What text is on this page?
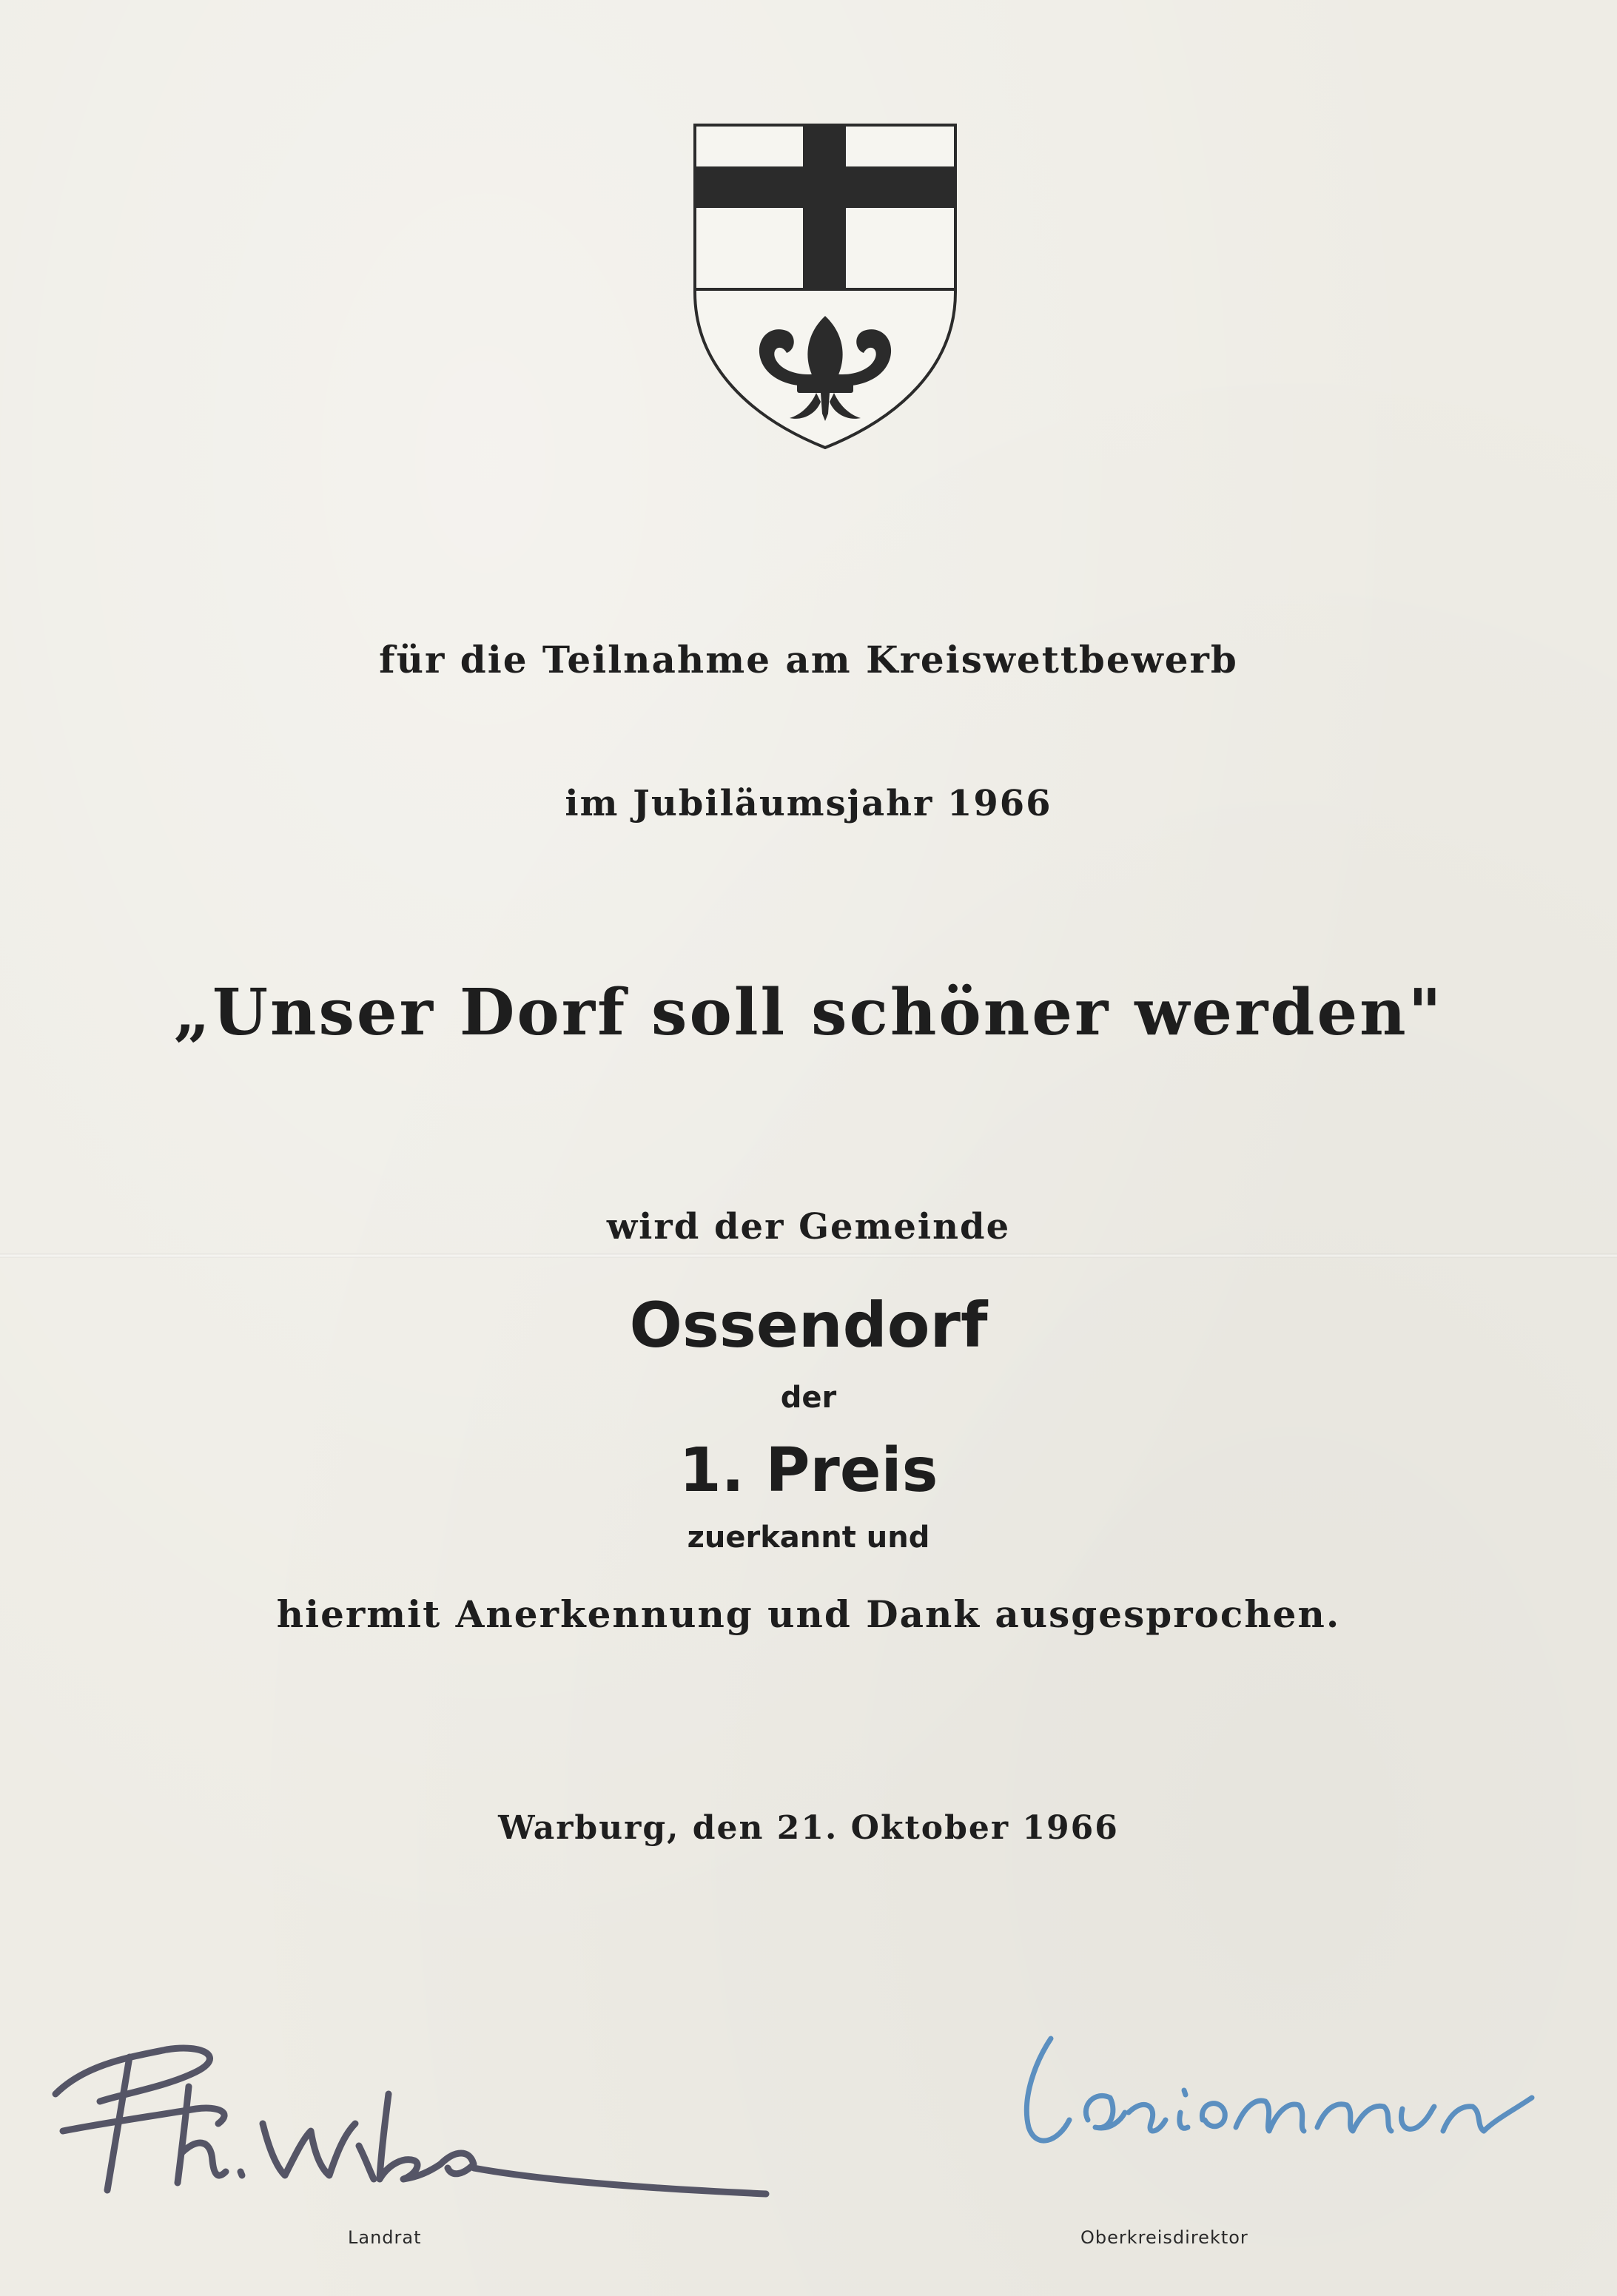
für die Teilnahme am Kreiswettbewerb
im Jubiläumsjahr 1966
„Unser Dorf soll schöner werden"
wird der Gemeinde
Ossendorf
der
1. Preis
zuerkannt und
hiermit Anerkennung und Dank ausgesprochen.
Warburg, den 21. Oktober 1966
Landrat	Oberkreisdirektor
